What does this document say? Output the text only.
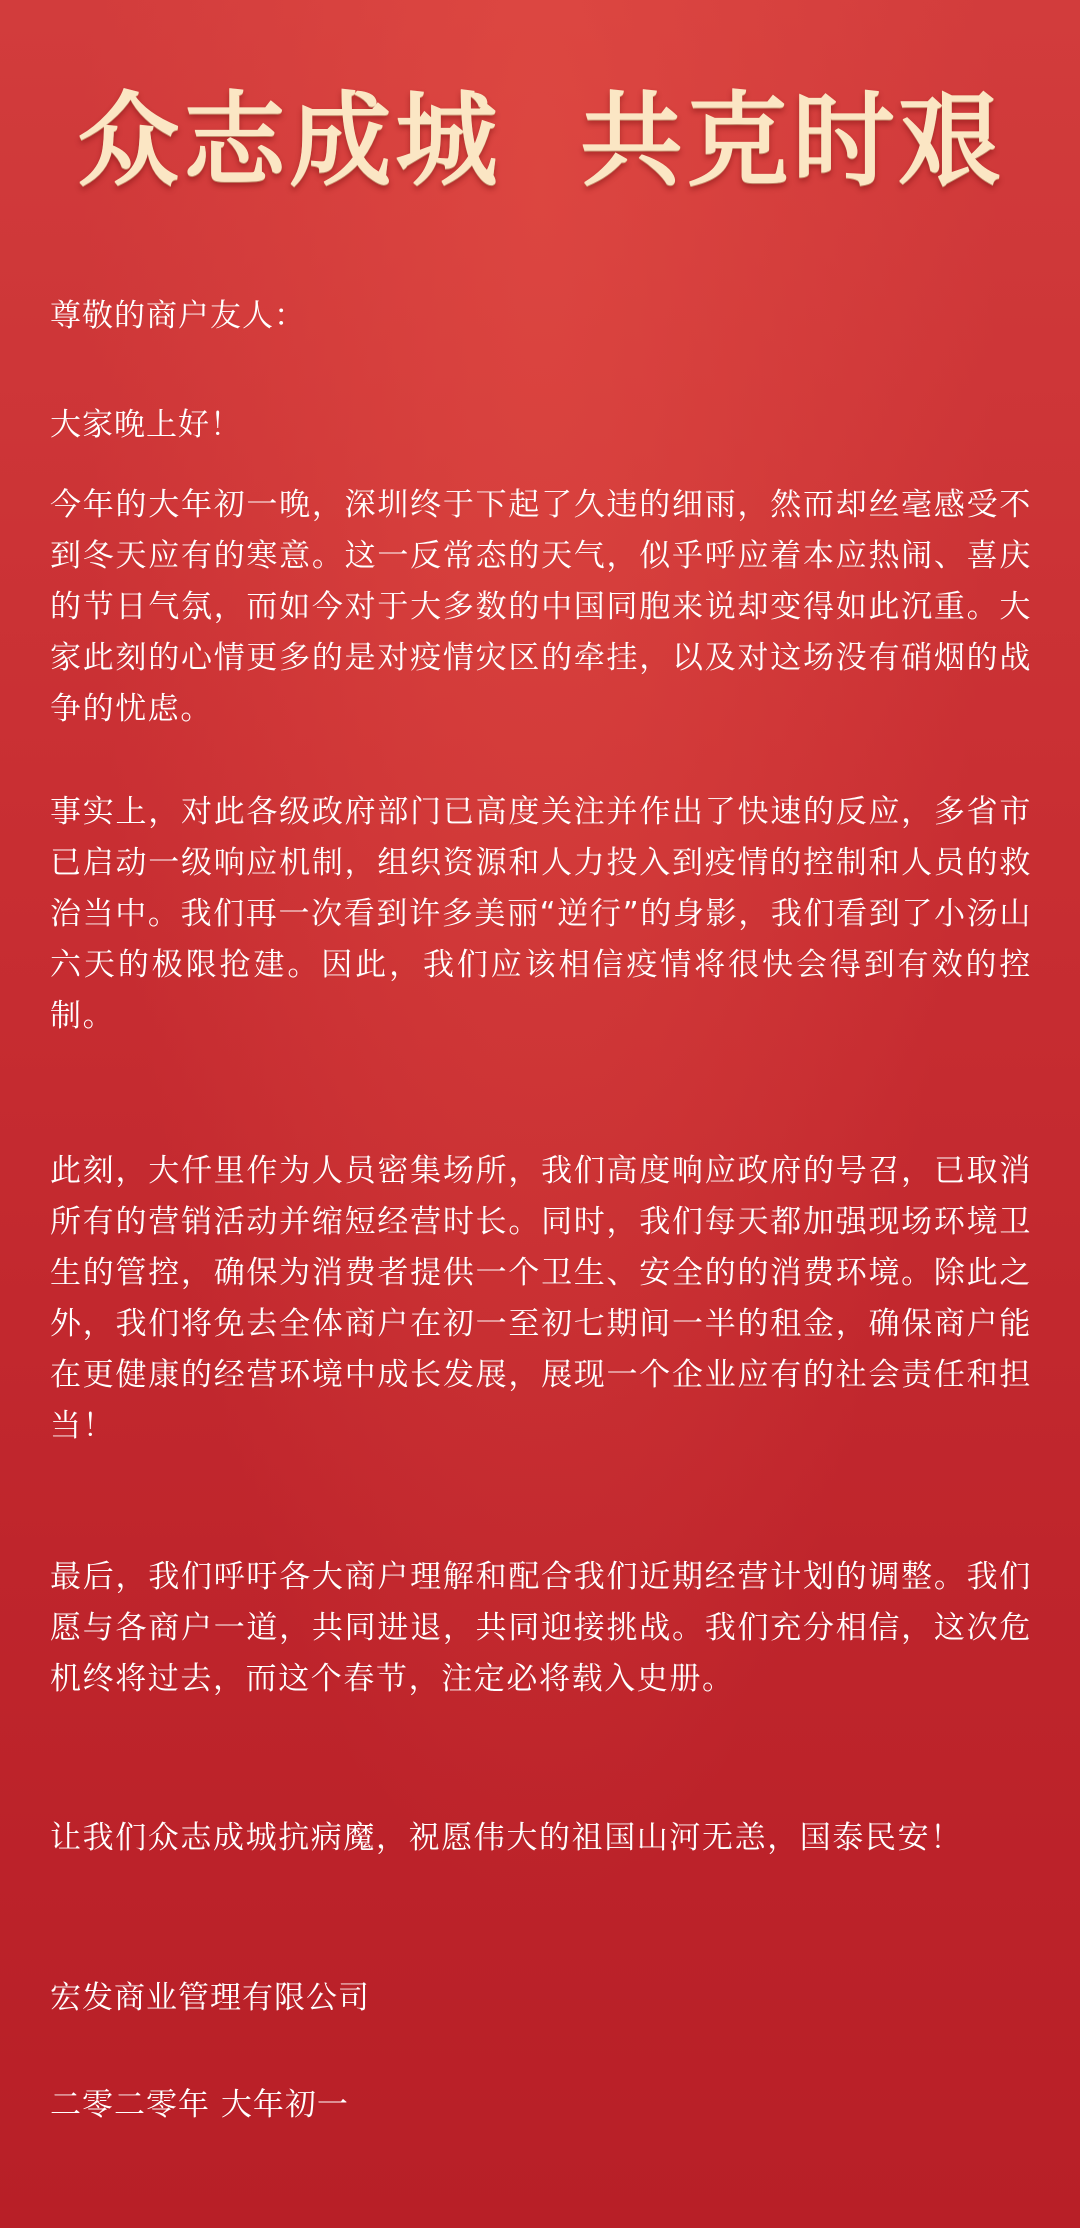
众志成城  共克时艰
尊敬的商户友人：
大家晚上好！

今年的大年初一晚，深圳终于下起了久违的细雨，然而却丝毫感受不到冬天应有的寒意。这一反常态的天气，似乎呼应着本应热闹、喜庆的节日气氛，而如今对于大多数的中国同胞来说却变得如此沉重。大家此刻的心情更多的是对疫情灾区的牵挂，以及对这场没有硝烟的战争的忧虑。

事实上，对此各级政府部门已高度关注并作出了快速的反应，多省市已启动一级响应机制，组织资源和人力投入到疫情的控制和人员的救治当中。我们再一次看到许多美丽“逆行”的身影，我们看到了小汤山六天的极限抢建。因此，我们应该相信疫情将很快会得到有效的控制。

此刻，大仟里作为人员密集场所，我们高度响应政府的号召，已取消所有的营销活动并缩短经营时长。同时，我们每天都加强现场环境卫生的管控，确保为消费者提供一个卫生、安全的的消费环境。除此之外，我们将免去全体商户在初一至初七期间一半的租金，确保商户能在更健康的经营环境中成长发展，展现一个企业应有的社会责任和担当！

最后，我们呼吁各大商户理解和配合我们近期经营计划的调整。我们愿与各商户一道，共同进退，共同迎接挑战。我们充分相信，这次危机终将过去，而这个春节，注定必将载入史册。

让我们众志成城抗病魔，祝愿伟大的祖国山河无恙，国泰民安！

宏发商业管理有限公司
二零二零年 大年初一
